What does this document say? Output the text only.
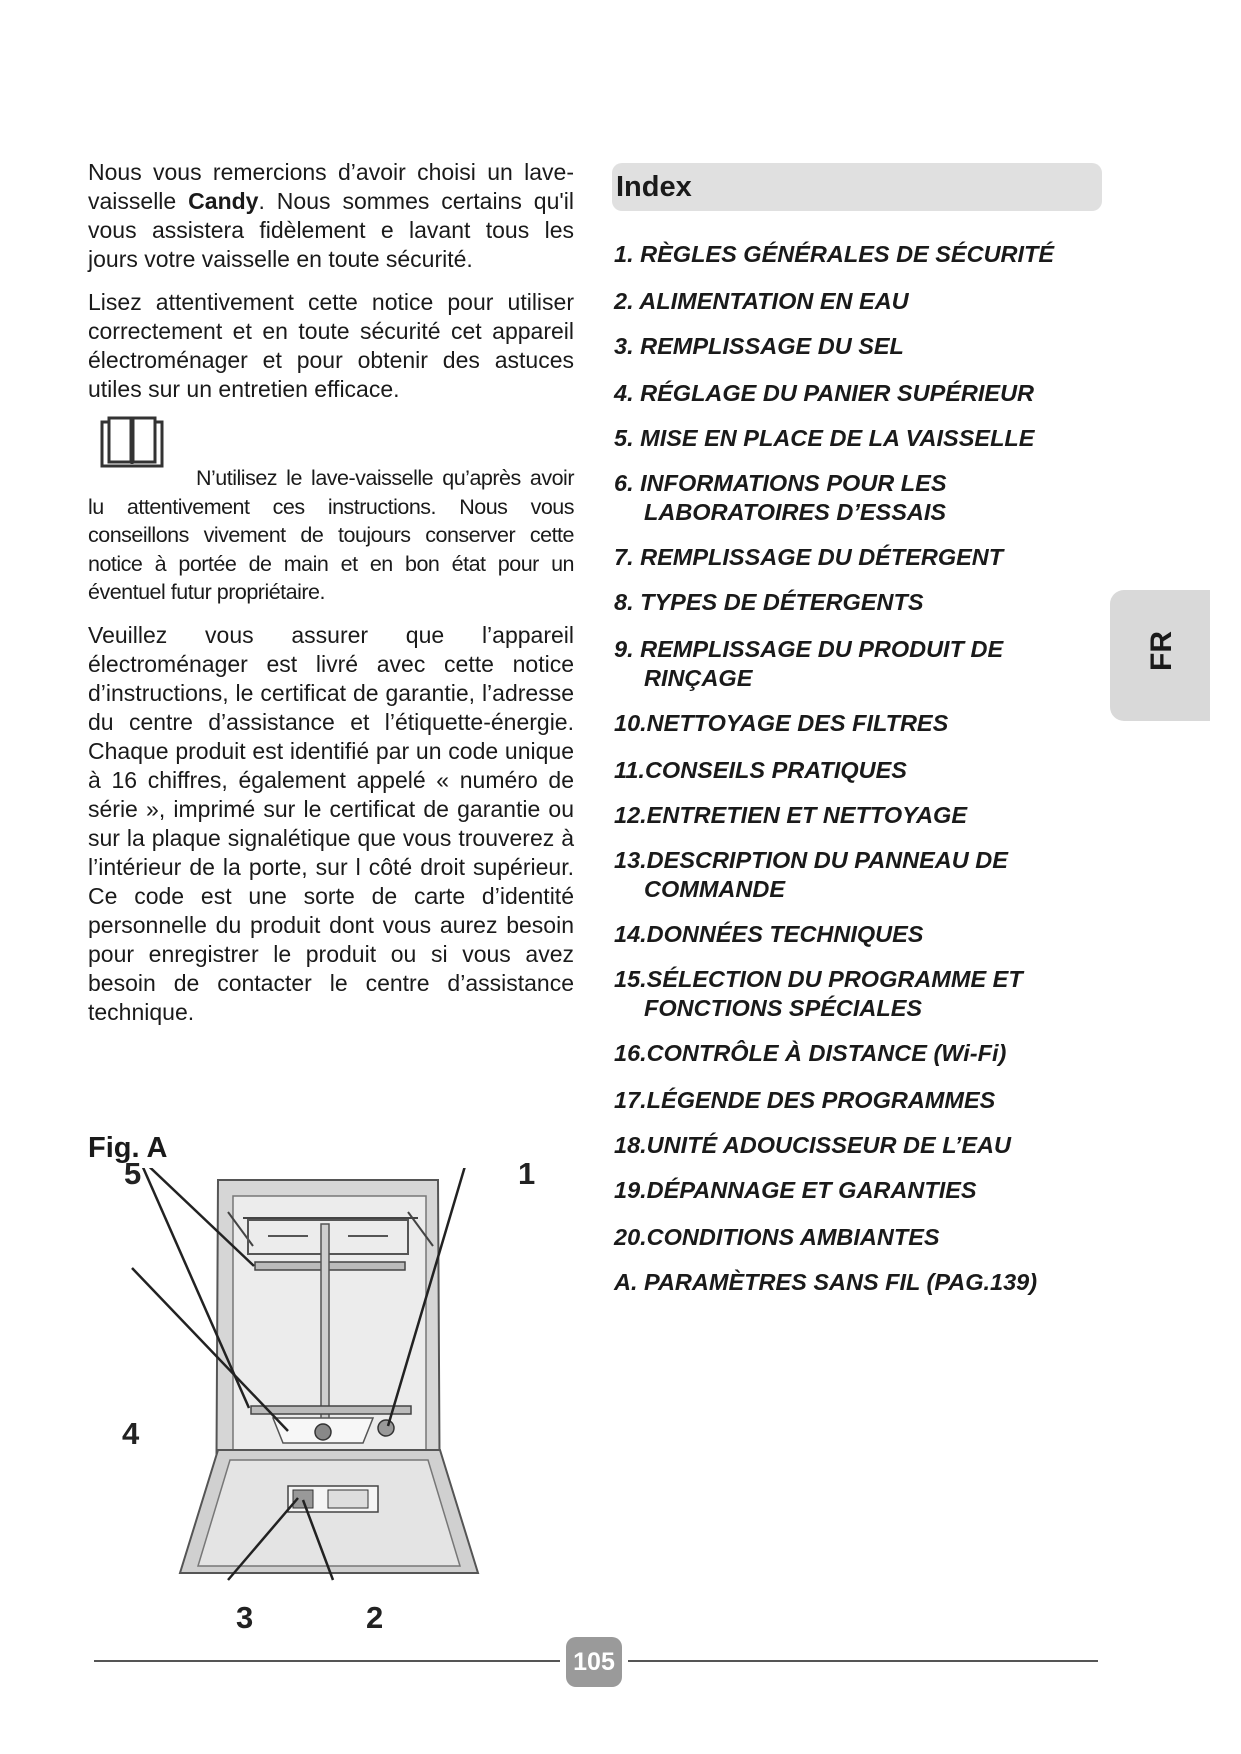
Nous vous remercions d’avoir choisi un lave-vaisselle Candy. Nous sommes certains qu'il vous assistera fidèlement e lavant tous les jours votre vaisselle en toute sécurité.

Lisez attentivement cette notice pour utiliser correctement et en toute sécurité cet appareil électroménager et pour obtenir des astuces utiles sur un entretien efficace.

N’utilisez le lave-vaisselle qu’après avoir lu attentivement ces instructions. Nous vous conseillons vivement de toujours conserver cette notice à portée de main et en bon état pour un éventuel futur propriétaire.

Veuillez vous assurer que l’appareil électroménager est livré avec cette notice d’instructions, le certificat de garantie, l’adresse du centre d’assistance et l’étiquette-énergie. Chaque produit est identifié par un code unique à 16 chiffres, également appelé « numéro de série », imprimé sur le certificat de garantie ou sur la plaque signalétique que vous trouverez à l’intérieur de la porte, sur l côté droit supérieur. Ce code est une sorte de carte d’identité personnelle du produit dont vous aurez besoin pour enregistrer le produit ou si vous avez besoin de contacter le centre d’assistance technique.

Fig. A
5	1
4
3	2
Index
1. RÈGLES GÉNÉRALES DE SÉCURITÉ
2. ALIMENTATION EN EAU
3. REMPLISSAGE DU SEL
4. RÉGLAGE DU PANIER SUPÉRIEUR
5. MISE EN PLACE DE LA VAISSELLE
6. INFORMATIONS POUR LES LABORATOIRES D’ESSAIS
7. REMPLISSAGE DU DÉTERGENT
8. TYPES DE DÉTERGENTS
9. REMPLISSAGE DU PRODUIT DE RINÇAGE
10.NETTOYAGE DES FILTRES
11.CONSEILS PRATIQUES
12.ENTRETIEN ET NETTOYAGE
13.DESCRIPTION DU PANNEAU DE COMMANDE
14.DONNÉES TECHNIQUES
15.SÉLECTION DU PROGRAMME ET FONCTIONS SPÉCIALES
16.CONTRÔLE À DISTANCE (Wi-Fi)
17.LÉGENDE DES PROGRAMMES
18.UNITÉ ADOUCISSEUR DE L’EAU
19.DÉPANNAGE ET GARANTIES
20.CONDITIONS AMBIANTES
A. PARAMÈTRES SANS FIL (PAG.139)
FR
105
